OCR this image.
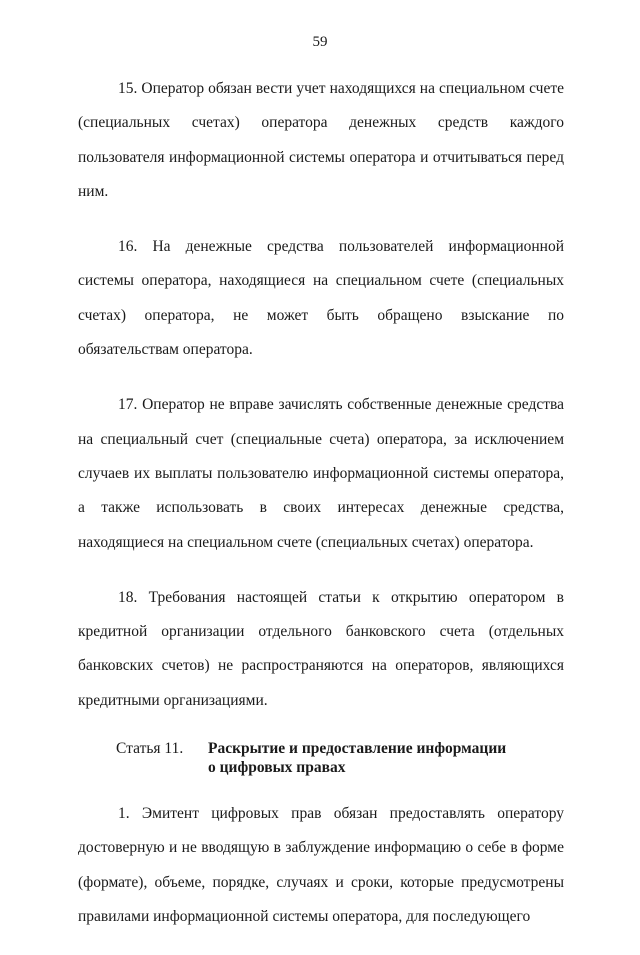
59

15. Оператор обязан вести учет находящихся на специальном счете (специальных счетах) оператора денежных средств каждого пользователя информационной системы оператора и отчитываться перед ним.

16. На денежные средства пользователей информационной системы оператора, находящиеся на специальном счете (специальных счетах) оператора, не может быть обращено взыскание по обязательствам оператора.

17. Оператор не вправе зачислять собственные денежные средства на специальный счет (специальные счета) оператора, за исключением случаев их выплаты пользователю информационной системы оператора, а также использовать в своих интересах денежные средства, находящиеся на специальном счете (специальных счетах) оператора.

18. Требования настоящей статьи к открытию оператором в кредитной организации отдельного банковского счета (отдельных банковских счетов) не распространяются на операторов, являющихся кредитными организациями.

Статья 11. Раскрытие и предоставление информации
о цифровых правах

1. Эмитент цифровых прав обязан предоставлять оператору достоверную и не вводящую в заблуждение информацию о себе в форме (формате), объеме, порядке, случаях и сроки, которые предусмотрены правилами информационной системы оператора, для последующего
